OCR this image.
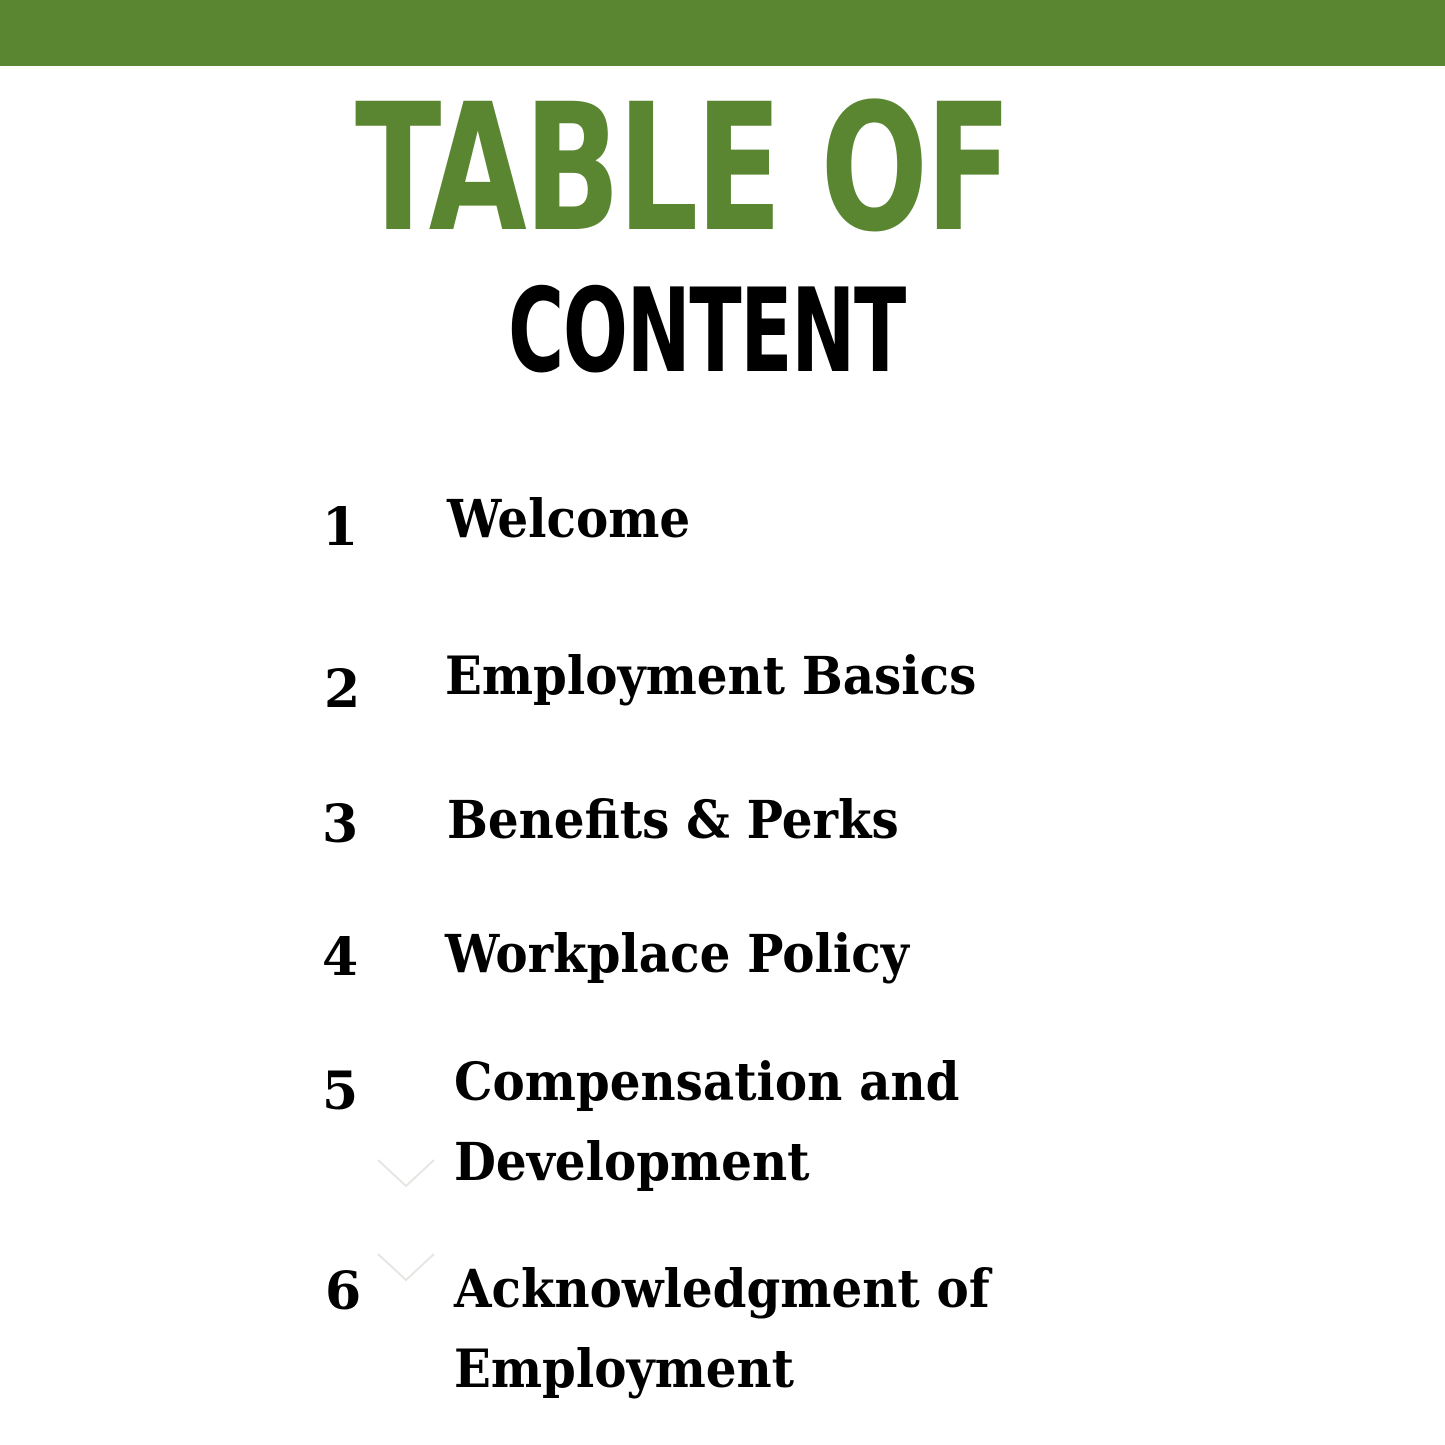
TABLE OF
CONTENT
1 Welcome
2 Employment Basics
3 Benefits & Perks
4 Workplace Policy
5 Compensation and
Development
6 Acknowledgment of
Employment
